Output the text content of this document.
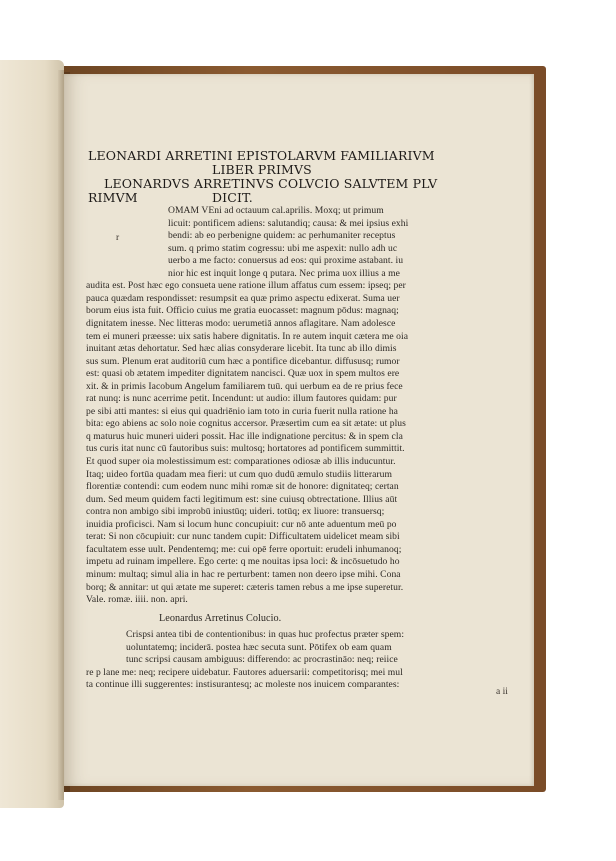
LEONARDI ARRETINI EPISTOLARVM FAMILIARIVM
LIBER PRIMVS
LEONARDVS ARRETINVS COLVCIO SALVTEM PLV
RIMVM	DICIT.
r
OMAM VEni ad octauum cal.aprilis. Moxq; ut primum
licuit: pontificem adiens: salutandiq; causa: & mei ipsius exhi
bendi: ab eo perbenigne quidem: ac perhumaniter receptus
sum. q primo statim cogressu: ubi me aspexit: nullo adh uc
uerbo a me facto: conuersus ad eos: qui proxime astabant. iu
nior hic est inquit longe q putara. Nec prima uox illius a me
audita est. Post hæc ego consueta uene ratione illum affatus cum essem: ipseq; per
pauca quædam respondisset: resumpsit ea quæ primo aspectu edixerat. Suma uer
borum eius ista fuit. Officio cuius me gratia euocasset: magnum pōdus: magnaq;
dignitatem inesse. Nec litteras modo: uerumetiā annos aflagitare. Nam adolesce
tem ei muneri præesse: uix satis habere dignitatis. In re autem inquit cætera me oia
inuitant ætas dehortatur. Sed hæc alias consyderare licebit. Ita tunc ab illo dimis
sus sum. Plenum erat auditoriū cum hæc a pontifice dicebantur. diffususq; rumor
est: quasi ob ætatem impediter dignitatem nancisci. Quæ uox in spem multos ere
xit. & in primis Iacobum Angelum familiarem tuū. qui uerbum ea de re prius fece
rat nunq: is nunc acerrime petit. Incendunt: ut audio: illum fautores quidam: pur
pe sibi atti mantes: si eius qui quadriēnio iam toto in curia fuerit nulla ratione ha
bita: ego abiens ac solo noie cognitus accersor. Præsertim cum ea sit ætate: ut plus
q maturus huic muneri uideri possit. Hac ille indignatione percitus: & in spem cla
tus curis itat nunc cū fautoribus suis: multosq; hortatores ad pontificem summittit.
Et quod super oia molestissimum est: comparationes odiosæ ab illis inducuntur.
Itaq; uideo fortūa quadam mea fieri: ut cum quo dudū æmulo studiis litterarum
florentiæ contendi: cum eodem nunc mihi romæ sit de honore: dignitateq; certan
dum. Sed meum quidem facti legitimum est: sine cuiusq obtrectatione. Illius aūt
contra non ambigo sibi improbū iniustūq; uideri. totūq; ex liuore: transuersq;
inuidia proficisci. Nam si locum hunc concupiuit: cur nō ante aduentum meū po
terat: Si non cōcupiuit: cur nunc tandem cupit: Difficultatem uidelicet meam sibi
facultatem esse uult. Pendentemq; me: cui opē ferre oportuit: erudeli inhumanoq;
impetu ad ruinam impellere. Ego certe: q me nouitas ipsa loci: & incōsuetudo ho
minum: multaq; simul alia in hac re perturbent: tamen non deero ipse mihi. Cona
borq; & annitar: ut qui ætate me superet: cæteris tamen rebus a me ipse superetur.
Vale. romæ. iiii. non. apri.
Leonardus Arretinus Colucio.
Crispsi antea tibi de contentionibus: in quas huc profectus præter spem:
uoluntatemq; inciderā. postea hæc secuta sunt. Pōtifex ob eam quam
tunc scripsi causam ambiguus: differendo: ac procrastināo: neq; reiice
re p lane me: neq; recipere uidebatur. Fautores aduersarii: competitorisq; mei mul
ta continue illi suggerentes: instisurantesq; ac moleste nos inuicem comparantes:
a ii
